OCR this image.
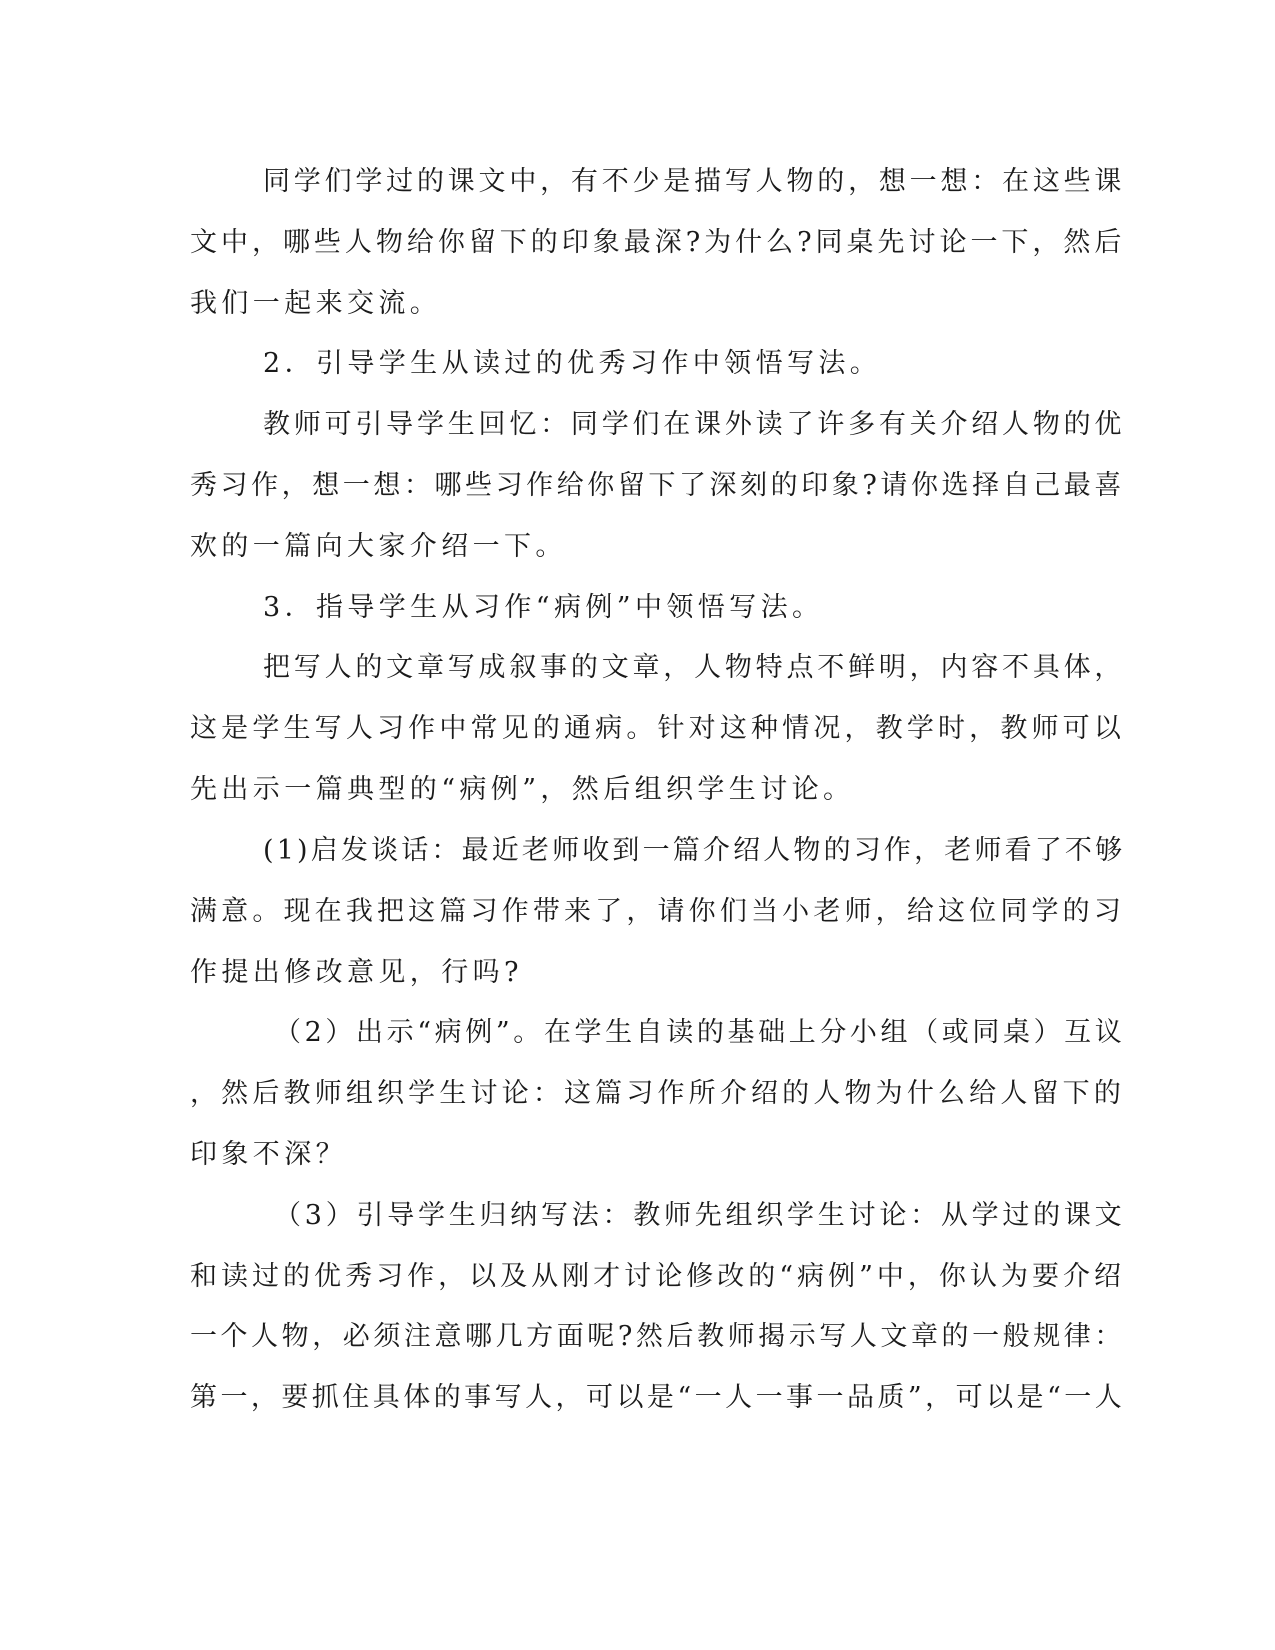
同学们学过的课文中，有不少是描写人物的，想一想：在这些课
文中，哪些人物给你留下的印象最深?为什么?同桌先讨论一下，然后
我们一起来交流。
2．引导学生从读过的优秀习作中领悟写法。
教师可引导学生回忆：同学们在课外读了许多有关介绍人物的优
秀习作，想一想：哪些习作给你留下了深刻的印象?请你选择自己最喜
欢的一篇向大家介绍一下。
3．指导学生从习作“病例”中领悟写法。
把写人的文章写成叙事的文章，人物特点不鲜明，内容不具体，
这是学生写人习作中常见的通病。针对这种情况，教学时，教师可以
先出示一篇典型的“病例”，然后组织学生讨论。
(1)启发谈话：最近老师收到一篇介绍人物的习作，老师看了不够
满意。现在我把这篇习作带来了，请你们当小老师，给这位同学的习
作提出修改意见，行吗?
（2）出示“病例”。在学生自读的基础上分小组（或同桌）互议
，然后教师组织学生讨论：这篇习作所介绍的人物为什么给人留下的
印象不深？
（3）引导学生归纳写法：教师先组织学生讨论：从学过的课文
和读过的优秀习作，以及从刚才讨论修改的“病例”中，你认为要介绍
一个人物，必须注意哪几方面呢?然后教师揭示写人文章的一般规律：
第一，要抓住具体的事写人，可以是“一人一事一品质”，可以是“一人
